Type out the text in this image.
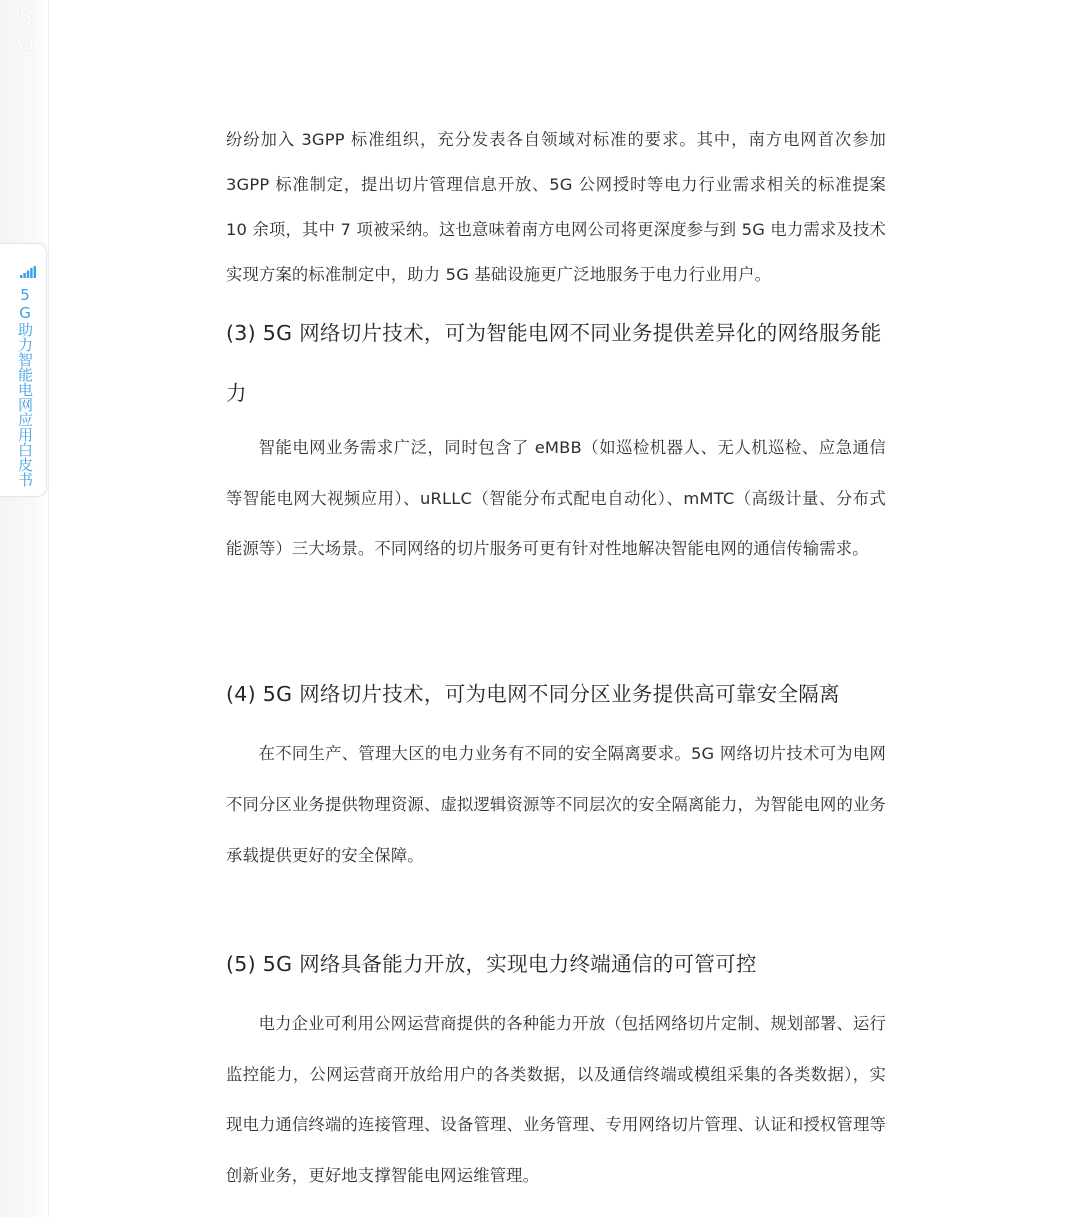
5G
5G助力智能电网应用白皮书

纷纷加入 3GPP 标准组织，充分发表各自领域对标准的要求。其中，南方电网首次参加 3GPP 标准制定，提出切片管理信息开放、5G 公网授时等电力行业需求相关的标准提案 10 余项，其中 7 项被采纳。这也意味着南方电网公司将更深度参与到 5G 电力需求及技术实现方案的标准制定中，助力 5G 基础设施更广泛地服务于电力行业用户。

(3) 5G 网络切片技术，可为智能电网不同业务提供差异化的网络服务能力

智能电网业务需求广泛，同时包含了 eMBB（如巡检机器人、无人机巡检、应急通信等智能电网大视频应用）、uRLLC（智能分布式配电自动化）、mMTC（高级计量、分布式能源等）三大场景。不同网络的切片服务可更有针对性地解决智能电网的通信传输需求。

(4) 5G 网络切片技术，可为电网不同分区业务提供高可靠安全隔离

在不同生产、管理大区的电力业务有不同的安全隔离要求。5G 网络切片技术可为电网不同分区业务提供物理资源、虚拟逻辑资源等不同层次的安全隔离能力，为智能电网的业务承载提供更好的安全保障。

(5) 5G 网络具备能力开放，实现电力终端通信的可管可控

电力企业可利用公网运营商提供的各种能力开放（包括网络切片定制、规划部署、运行监控能力，公网运营商开放给用户的各类数据，以及通信终端或模组采集的各类数据），实现电力通信终端的连接管理、设备管理、业务管理、专用网络切片管理、认证和授权管理等创新业务，更好地支撑智能电网运维管理。
